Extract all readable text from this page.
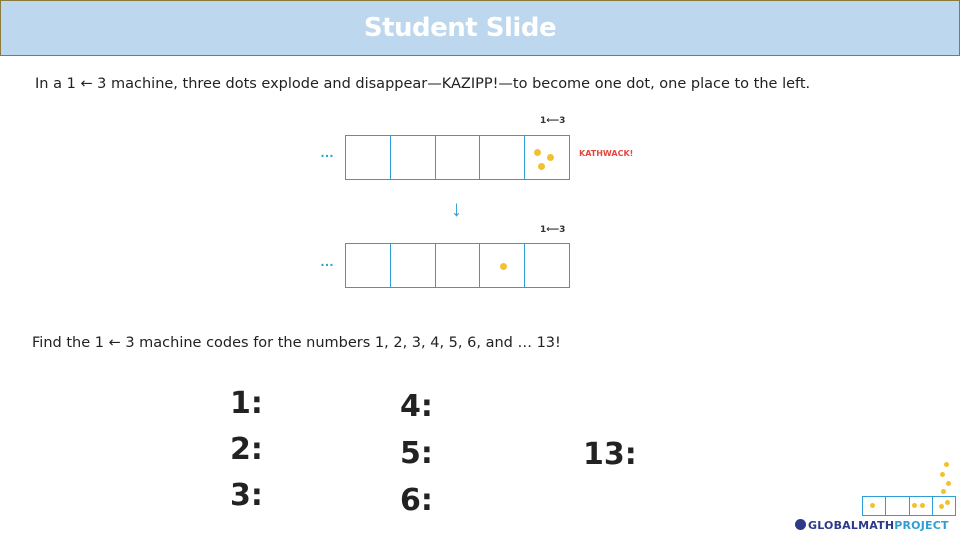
Student Slide
In a 1 ← 3 machine, three dots explode and disappear—KAZIPP!—to become one dot, one place to the left.
1⟵3
…	KATHWACK!
↓
1⟵3
…
Find the 1 ← 3 machine codes for the numbers 1, 2, 3, 4, 5, 6, and … 13!
1:
2:
3:
4:
5:
6:
13:
GLOBALMATHPROJECT
